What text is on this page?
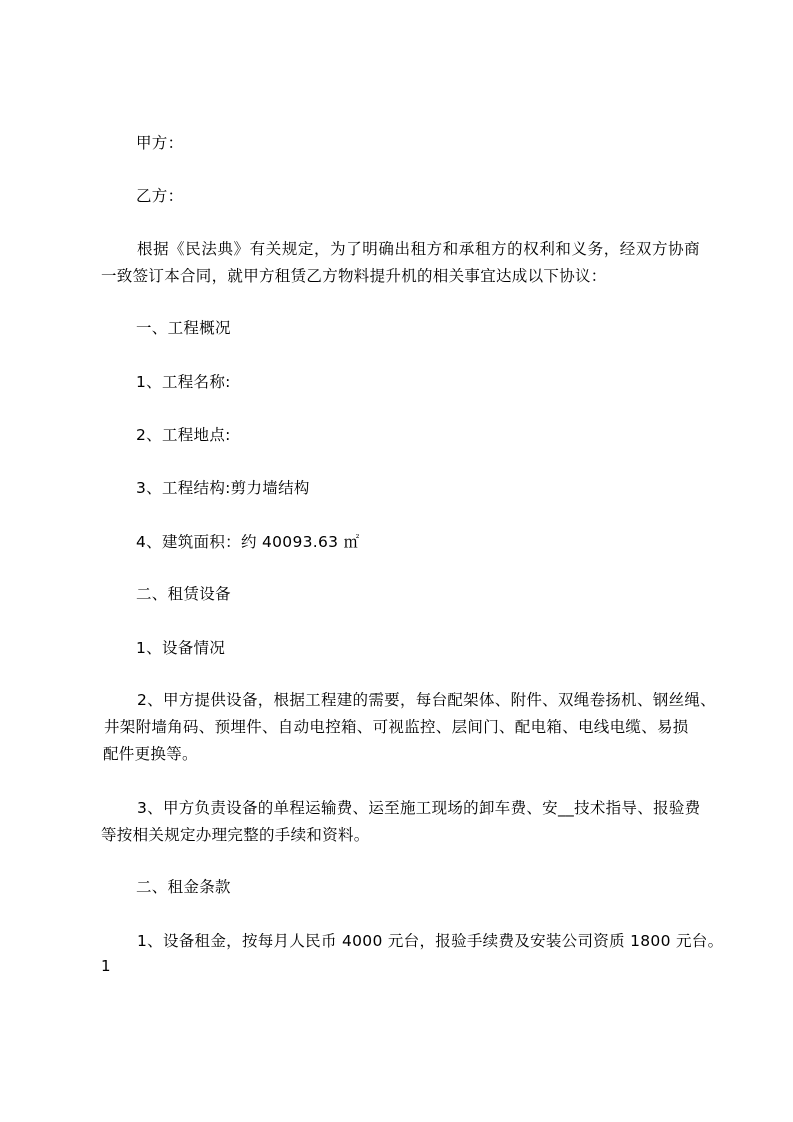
甲方：
乙方：
根据《民法典》有关规定，为了明确出租方和承租方的权利和义务，经双方协商
一致签订本合同，就甲方租赁乙方物料提升机的相关事宜达成以下协议：
一、工程概况
1、工程名称:
2、工程地点:
3、工程结构:剪力墙结构
4、建筑面积：约 40093.63 ㎡
二、租赁设备
1、设备情况
2、甲方提供设备，根据工程建的需要，每台配架体、附件、双绳卷扬机、钢丝绳、
井架附墙角码、预埋件、自动电控箱、可视监控、层间门、配电箱、电线电缆、易损
配件更换等。
3、甲方负责设备的单程运输费、运至施工现场的卸车费、安__技术指导、报验费
等按相关规定办理完整的手续和资料。
二、租金条款
1、设备租金，按每月人民币 4000 元台，报验手续费及安装公司资质 1800 元台。
1
